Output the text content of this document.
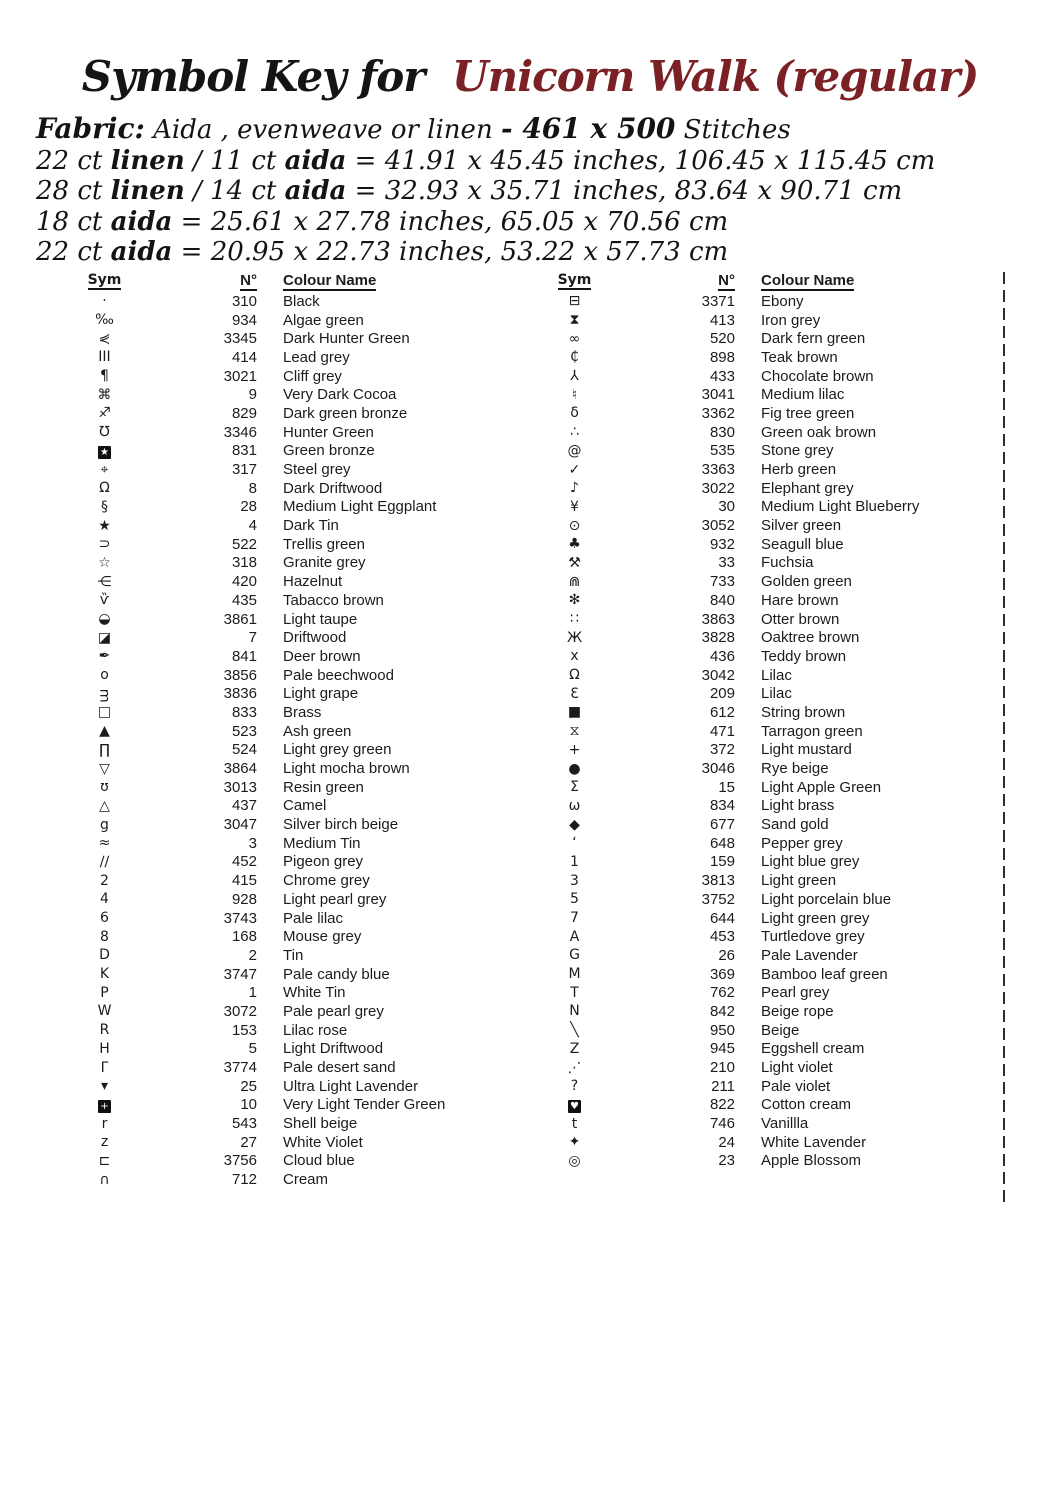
Symbol Key for Unicorn Walk (regular)
Fabric: Aida , evenweave or linen - 461 x 500 Stitches
22 ct linen / 11 ct aida = 41.91 x 45.45 inches, 106.45 x 115.45 cm
28 ct linen / 14 ct aida = 32.93 x 35.71 inches, 83.64 x 90.71 cm
18 ct aida = 25.61 x 27.78 inches, 65.05 x 70.56 cm
22 ct aida = 20.95 x 22.73 inches, 53.22 x 57.73 cm
Sym	N°	Colour Name
·	310	Black
‰	934	Algae green
⋞	3345	Dark Hunter Green
III	414	Lead grey
¶	3021	Cliff grey
⌘	9	Very Dark Cocoa
♐	829	Dark green bronze
℧	3346	Hunter Green
★	831	Green bronze
⌖	317	Steel grey
Ω	8	Dark Driftwood
§	28	Medium Light Eggplant
★	4	Dark Tin
⊃	522	Trellis green
☆	318	Granite grey
⋲	420	Hazelnut
ѷ	435	Tabacco brown
◒	3861	Light taupe
◪	7	Driftwood
✒	841	Deer brown
o	3856	Pale beechwood
ᴟ	3836	Light grape
□	833	Brass
▲	523	Ash green
∏	524	Light grey green
▽	3864	Light mocha brown
ʊ	3013	Resin green
△	437	Camel
g	3047	Silver birch beige
≈	3	Medium Tin
∕∕	452	Pigeon grey
2	415	Chrome grey
4	928	Light pearl grey
6	3743	Pale lilac
8	168	Mouse grey
D	2	Tin
K	3747	Pale candy blue
P	1	White Tin
W	3072	Pale pearl grey
R	153	Lilac rose
H	5	Light Driftwood
Γ	3774	Pale desert sand
▾	25	Ultra Light Lavender
+	10	Very Light Tender Green
r	543	Shell beige
z	27	White Violet
⊏	3756	Cloud blue
∩	712	Cream
Sym	N°	Colour Name
⊟	3371	Ebony
⧗	413	Iron grey
∞	520	Dark fern green
₵	898	Teak brown
⅄	433	Chocolate brown
♮	3041	Medium lilac
δ	3362	Fig tree green
∴	830	Green oak brown
@	535	Stone grey
✓	3363	Herb green
♪	3022	Elephant grey
¥	30	Medium Light Blueberry
⊙	3052	Silver green
♣	932	Seagull blue
⚒	33	Fuchsia
⋒	733	Golden green
✻	840	Hare brown
∷	3863	Otter brown
Ж	3828	Oaktree brown
x	436	Teddy brown
Ω	3042	Lilac
Ɛ	209	Lilac
■	612	String brown
⧖	471	Tarragon green
+	372	Light mustard
●	3046	Rye beige
Σ	15	Light Apple Green
ω	834	Light brass
◆	677	Sand gold
ʻ	648	Pepper grey
1	159	Light blue grey
3	3813	Light green
5	3752	Light porcelain blue
7	644	Light green grey
A	453	Turtledove grey
G	26	Pale Lavender
M	369	Bamboo leaf green
T	762	Pearl grey
N	842	Beige rope
╲	950	Beige
Z	945	Eggshell cream
⋰	210	Light violet
?	211	Pale violet
♥	822	Cotton cream
t	746	Vanillla
✦	24	White Lavender
◎	23	Apple Blossom
